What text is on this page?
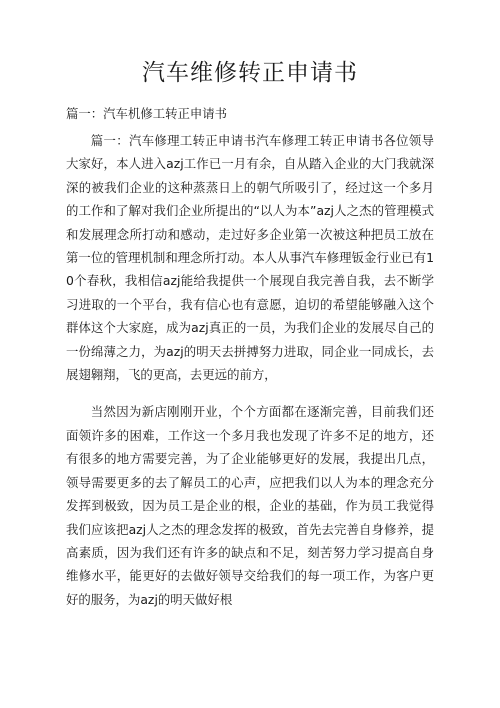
汽车维修转正申请书
篇一：汽车机修工转正申请书

篇一：汽车修理工转正申请书汽车修理工转正申请书各位领导大家好，本人进入azj工作已一月有余，自从踏入企业的大门我就深深的被我们企业的这种蒸蒸日上的朝气所吸引了，经过这一个多月的工作和了解对我们企业所提出的“以人为本”azj人之杰的管理模式和发展理念所打动和感动，走过好多企业第一次被这种把员工放在第一位的管理机制和理念所打动。本人从事汽车修理钣金行业已有10个春秋，我相信azj能给我提供一个展现自我完善自我，去不断学习进取的一个平台，我有信心也有意愿，迫切的希望能够融入这个群体这个大家庭，成为azj真正的一员，为我们企业的发展尽自己的一份绵薄之力，为azj的明天去拼搏努力进取，同企业一同成长，去展翅翱翔，飞的更高，去更远的前方，

当然因为新店刚刚开业，个个方面都在逐渐完善，目前我们还面领许多的困难，工作这一个多月我也发现了许多不足的地方，还有很多的地方需要完善，为了企业能够更好的发展，我提出几点，领导需要更多的去了解员工的心声，应把我们以人为本的理念充分发挥到极致，因为员工是企业的根，企业的基础，作为员工我觉得我们应该把azj人之杰的理念发挥的极致，首先去完善自身修养，提高素质，因为我们还有许多的缺点和不足，刻苦努力学习提高自身维修水平，能更好的去做好领导交给我们的每一项工作，为客户更好的服务，为azj的明天做好根
